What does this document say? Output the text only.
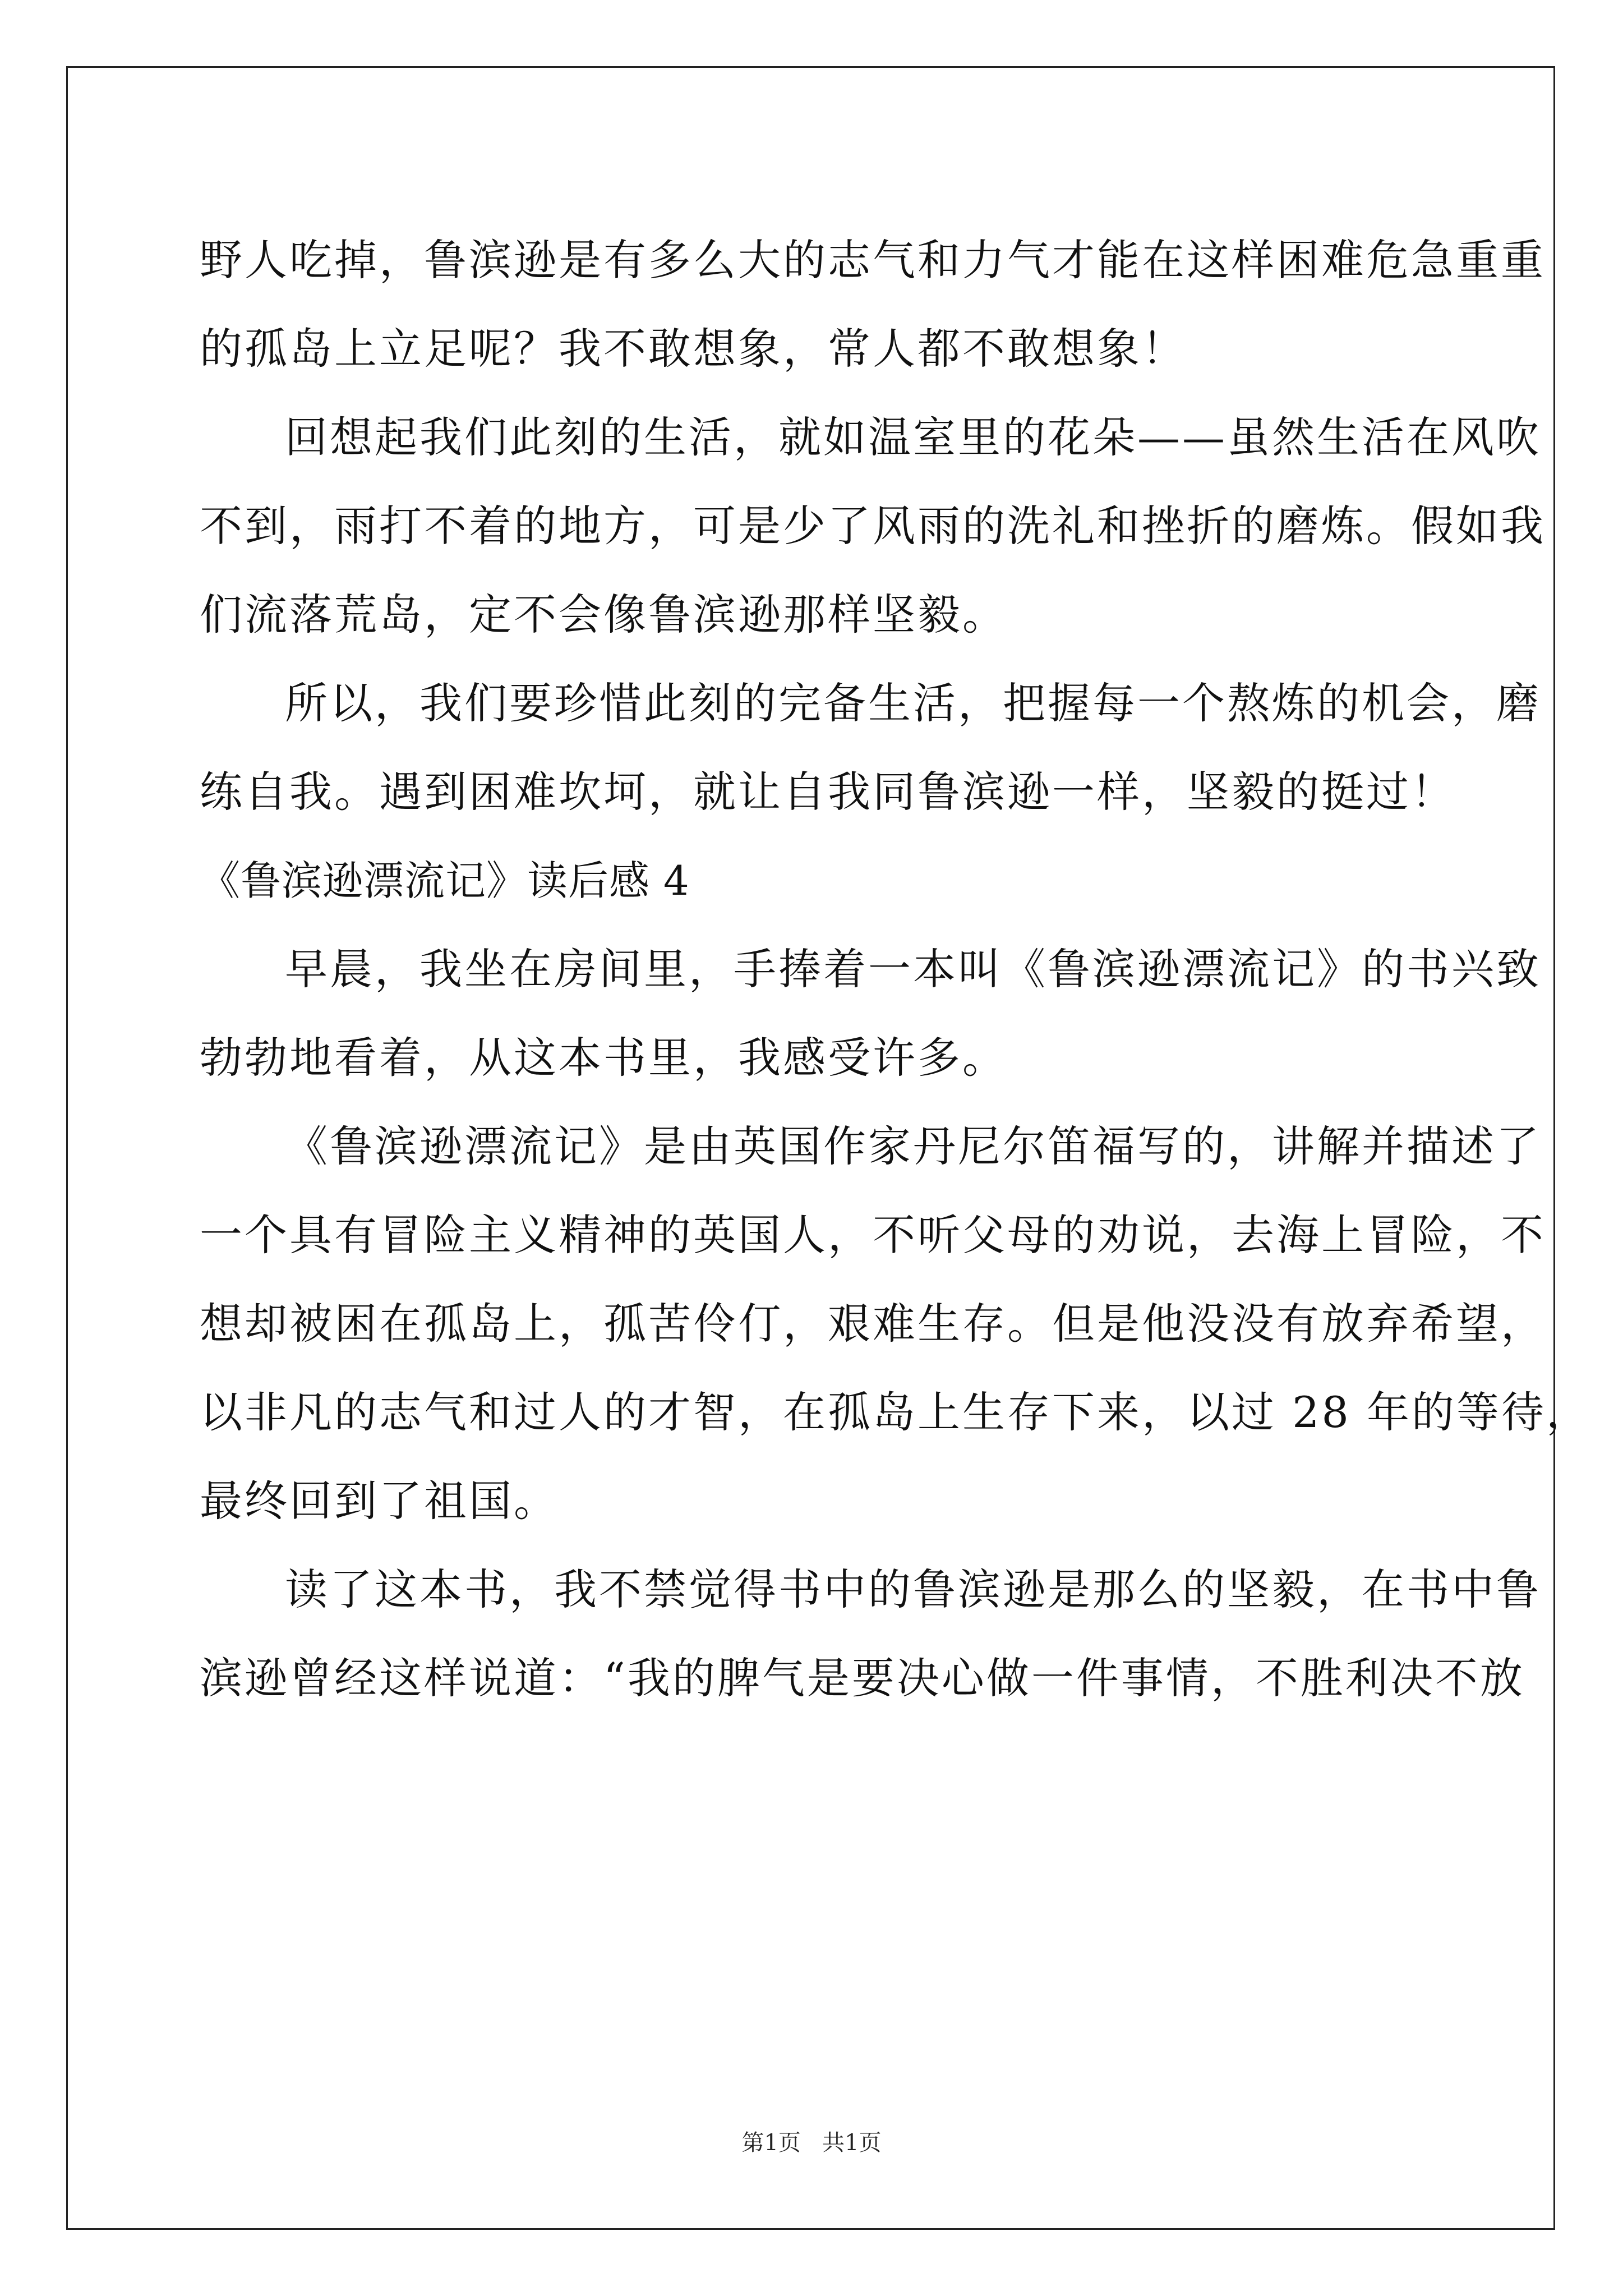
野人吃掉，鲁滨逊是有多么大的志气和力气才能在这样困难危急重重
的孤岛上立足呢？我不敢想象，常人都不敢想象！
回想起我们此刻的生活，就如温室里的花朵——虽然生活在风吹
不到，雨打不着的地方，可是少了风雨的洗礼和挫折的磨炼。假如我
们流落荒岛，定不会像鲁滨逊那样坚毅。
所以，我们要珍惜此刻的完备生活，把握每一个熬炼的机会，磨
练自我。遇到困难坎坷，就让自我同鲁滨逊一样，坚毅的挺过！
《鲁滨逊漂流记》读后感 4
早晨，我坐在房间里，手捧着一本叫《鲁滨逊漂流记》的书兴致
勃勃地看着，从这本书里，我感受许多。
《鲁滨逊漂流记》是由英国作家丹尼尔笛福写的，讲解并描述了
一个具有冒险主义精神的英国人，不听父母的劝说，去海上冒险，不
想却被困在孤岛上，孤苦伶仃，艰难生存。但是他没没有放弃希望，
以非凡的志气和过人的才智，在孤岛上生存下来，以过 28 年的等待，
最终回到了祖国。
读了这本书，我不禁觉得书中的鲁滨逊是那么的坚毅，在书中鲁
滨逊曾经这样说道：“我的脾气是要决心做一件事情，不胜利决不放
第1页   共1页
